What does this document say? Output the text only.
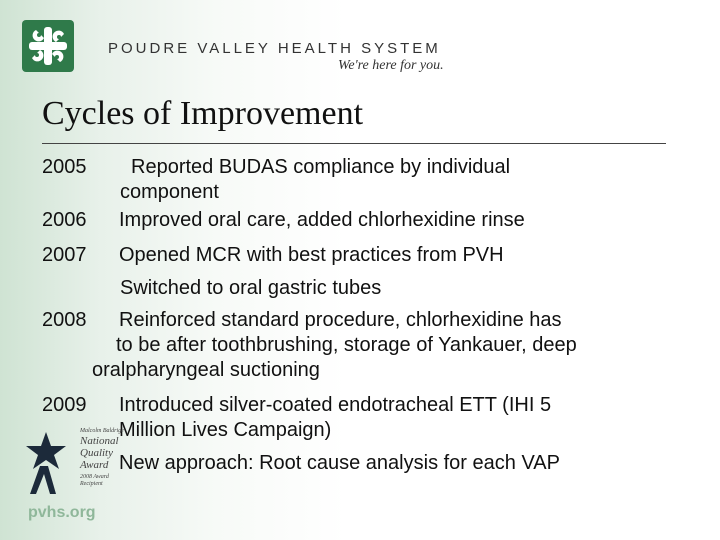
POUDRE VALLEY HEALTH SYSTEM
We're here for you.
Cycles of Improvement
2005 Reported BUDAS compliance by individual
component
2006 Improved oral care, added chlorhexidine rinse
2007 Opened MCR with best practices from PVH
Switched to oral gastric tubes
2008 Reinforced standard procedure, chlorhexidine has
to be after toothbrushing, storage of Yankauer, deep
oralpharyngeal suctioning
2009 Introduced silver-coated endotracheal ETT (IHI 5
Million Lives Campaign)
New approach: Root cause analysis for each VAP
Malcolm Baldrige
National
Quality
Award
2008 Award
Recipient
pvhs.org
